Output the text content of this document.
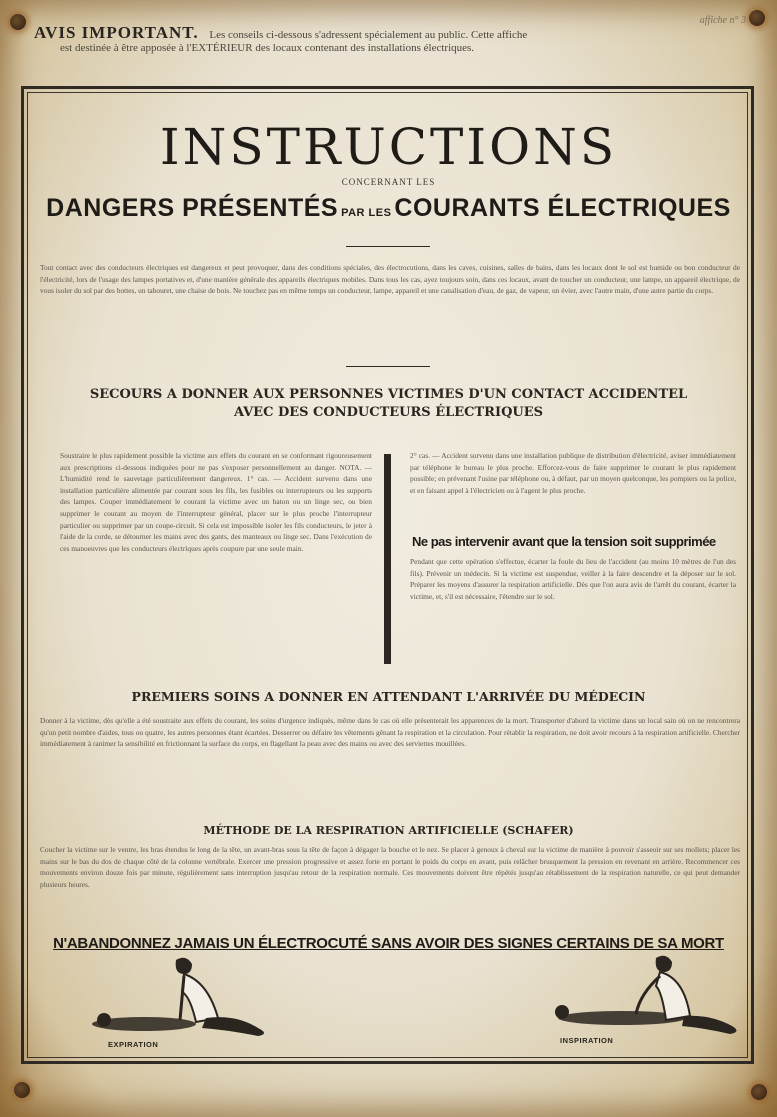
affiche n° 3
AVIS IMPORTANT. Les conseils ci-dessous s'adressent spécialement au public. Cette affiche
est destinée à être apposée à l'EXTÉRIEUR des locaux contenant des installations électriques.
INSTRUCTIONS
CONCERNANT LES
DANGERS PRÉSENTÉS PAR LES COURANTS ÉLECTRIQUES
Tout contact avec des conducteurs électriques est dangereux et peut provoquer, dans des conditions spéciales, des électrocutions, dans les caves, cuisines, salles de bains, dans les locaux dont le sol est humide ou bon conducteur de l'électricité, lors de l'usage des lampes portatives et, d'une manière générale des appareils électriques mobiles. Dans tous les cas, ayez toujours soin, dans ces locaux, avant de toucher un conducteur, une lampe, un appareil électrique, de vous isoler du sol par des bottes, un tabouret, une chaise de bois. Ne touchez pas en même temps un conducteur, lampe, appareil et une canalisation d'eau, de gaz, de vapeur, un évier, avec l'autre main, d'une autre partie du corps.
SECOURS A DONNER AUX PERSONNES VICTIMES D'UN CONTACT ACCIDENTEL
AVEC DES CONDUCTEURS ÉLECTRIQUES
Soustraire le plus rapidement possible la victime aux effets du courant en se conformant rigoureusement aux prescriptions ci-dessous indiquées pour ne pas s'exposer personnellement au danger. NOTA. — L'humidité rend le sauvetage particulièrement dangereux. 1° cas. — Accident survenu dans une installation particulière alimentée par courant sous les fils, les fusibles ou interrupteurs ou les supports des lampes. Couper immédiatement le courant la victime avec un baton ou un linge sec, ou bien supprimer le courant au moyen de l'interrupteur général, placer sur le plus proche l'interrupteur particulier ou supprimer par un coupe-circuit. Si cela est impossible isoler les fils conducteurs, le jeter à l'aide de la corde, se détourner les mains avec des gants, des manteaux ou linge sec. Dans l'exécution de ces manoeuvres que les conducteurs électriques après coupure par une seule main.
2° cas. — Accident survenu dans une installation publique de distribution d'électricité, aviser immédiatement par téléphone le bureau le plus proche. Efforcez-vous de faire supprimer le courant le plus rapidement possible; en prévenant l'usine par téléphone ou, à défaut, par un moyen quelconque, les pompiers ou la police, et en faisant appel à l'électricien ou à l'agent le plus proche.
Ne pas intervenir avant que la tension soit supprimée
Pendant que cette opération s'effectue, écarter la foule du lieu de l'accident (au moins 10 mètres de l'un des fils). Prévenir un médecin. Si la victime est suspendue, veiller à la faire descendre et la déposer sur le sol. Préparer les moyens d'assurer la respiration artificielle. Dès que l'on aura avis de l'arrêt du courant, écarter la victime, et, s'il est nécessaire, l'étendre sur le sol.
PREMIERS SOINS A DONNER EN ATTENDANT L'ARRIVÉE DU MÉDECIN
Donner à la victime, dès qu'elle a été soustraite aux effets du courant, les soins d'urgence indiqués, même dans le cas où elle présenterait les apparences de la mort. Transporter d'abord la victime dans un local sain où on ne rencontrera qu'un petit nombre d'aides, tous ou quatre, les autres personnes étant écartées. Desserrer ou défaire les vêtements gênant la respiration et la circulation. Pour rétablir la respiration, ne doit avoir recours à la respiration artificielle. Chercher immédiatement à ranimer la sensibilité en frictionnant la surface du corps, en flagellant la peau avec des mains ou avec des serviettes mouillées.
MÉTHODE DE LA RESPIRATION ARTIFICIELLE (SCHAFER)
Coucher la victime sur le ventre, les bras étendus le long de la tête, un avant-bras sous la tête de façon à dégager la bouche et le nez. Se placer à genoux à cheval sur la victime de manière à pouvoir s'asseoir sur ses mollets; placer les mains sur le bas du dos de chaque côté de la colonne vertébrale. Exercer une pression progressive et assez forte en portant le poids du corps en avant, puis relâcher brusquement la pression en revenant en arrière. Recommencer ces mouvements environ douze fois par minute, régulièrement sans interruption jusqu'au retour de la respiration normale. Ces mouvements doivent être répétés jusqu'au rétablissement de la respiration naturelle, ce qui peut demander plusieurs heures.
N'ABANDONNEZ JAMAIS UN ÉLECTROCUTÉ SANS AVOIR DES SIGNES CERTAINS DE SA MORT
EXPIRATION	INSPIRATION
